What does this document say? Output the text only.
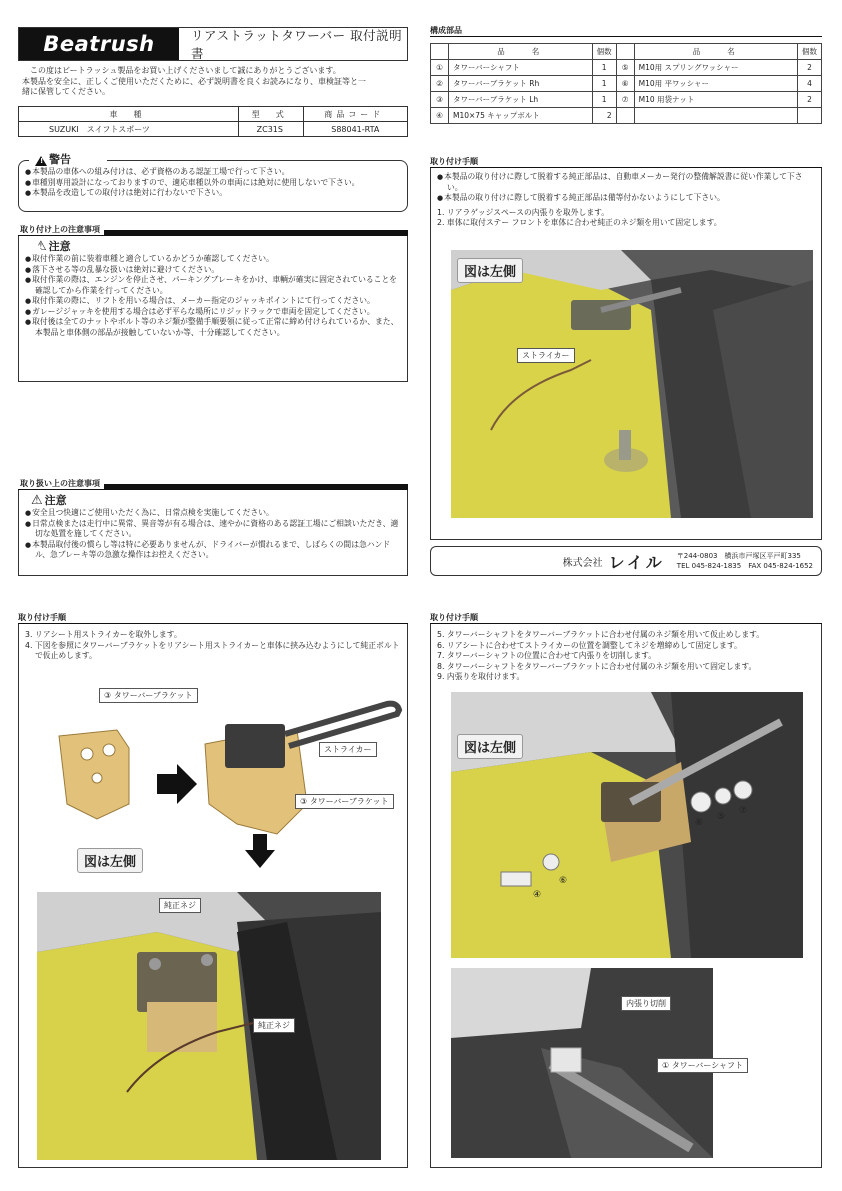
Beatrush	リアストラットタワーバー 取付説明書
この度はビートラッシュ製品をお買い上げくださいまして誠にありがとうございます。
本製品を安全に、正しくご使用いただくために、必ず説明書を良くお読みになり、車検証等と一
緒に保管してください。
車　種	型　式	商品コード
SUZUKI　スイフトスポーツ	ZC31S	S88041-RTA
! 警告
● 本製品の車体への組み付けは、必ず資格のある認証工場で行って下さい。
● 車種別専用設計になっておりますので、適応車種以外の車両には絶対に使用しないで下さい。
● 本製品を改造しての取付けは絶対に行わないで下さい。
取り付け上の注意事項
⚠ 注意
● 取付作業の前に装着車種と適合しているかどうか確認してください。
● 落下させる等の乱暴な扱いは絶対に避けてください。
● 取付作業の際は、エンジンを停止させ、パーキングブレーキをかけ、車輌が確実に固定されていることを確認してから作業を行ってください。
● 取付作業の際に、リフトを用いる場合は、メーカー指定のジャッキポイントにて行ってください。
● ガレージジャッキを使用する場合は必ず平らな場所にリジッドラックで車両を固定してください。
● 取付後は全てのナットやボルト等のネジ類が整備手順要領に従って正常に締め付けられているか、また、本製品と車体側の部品が接触していないか等、十分確認してください。
取り扱い上の注意事項
⚠ 注意
● 安全且つ快適にご使用いただく為に、日常点検を実施してください。
● 日常点検または走行中に異常、異音等が有る場合は、速やかに資格のある認証工場にご相談いただき、適切な処置を施してください。
● 本製品取付後の慣らし等は特に必要ありませんが、ドライバーが慣れるまで、しばらくの間は急ハンドル、急ブレーキ等の急激な操作はお控えください。
構成部品
	品　　名	個数		品　　名	個数
①	タワーバーシャフト	1	⑤	M10用 スプリングワッシャー	2
②	タワーバーブラケット Rh	1	⑥	M10用 平ワッシャー	4
③	タワーバーブラケット Lh	1	⑦	M10 用袋ナット	2
④	M10×75 キャップボルト	2			
取り付け手順
● 本製品の取り付けに際して脱着する純正部品は、自動車メーカー発行の整備解説書に従い作業して下さい。
● 本製品の取り付けに際して脱着する純正部品は備等付かないようにして下さい。
1. リアラゲッジスペースの内張りを取外します。
2. 車体に取付ステー フロントを車体に合わせ純正のネジ類を用いて固定します。
図は左側
ストライカー
株式会社 レイル 〒244-0803　横浜市戸塚区平戸町335
TEL 045-824-1835　FAX 045-824-1652
取り付け手順
3. リアシート用ストライカーを取外します。
4. 下図を参照にタワーバーブラケットをリアシート用ストライカーと車体に挟み込むようにして純正ボルトで仮止めします。
③ タワーバーブラケット
ストライカー
③ タワーバーブラケット
図は左側
純正ネジ
純正ネジ
取り付け手順
5. タワーバーシャフトをタワーバーブラケットに合わせ付属のネジ類を用いて仮止めします。
6. リアシートに合わせてストライカーの位置を調整してネジを増締めして固定します。
7. タワーバーシャフトの位置に合わせて内張りを切削します。
8. タワーバーシャフトをタワーバーブラケットに合わせ付属のネジ類を用いて固定します。
9. 内張りを取付けます。
図は左側
④
⑥
⑥
⑤
⑦
内張り切削
① タワーバーシャフト
